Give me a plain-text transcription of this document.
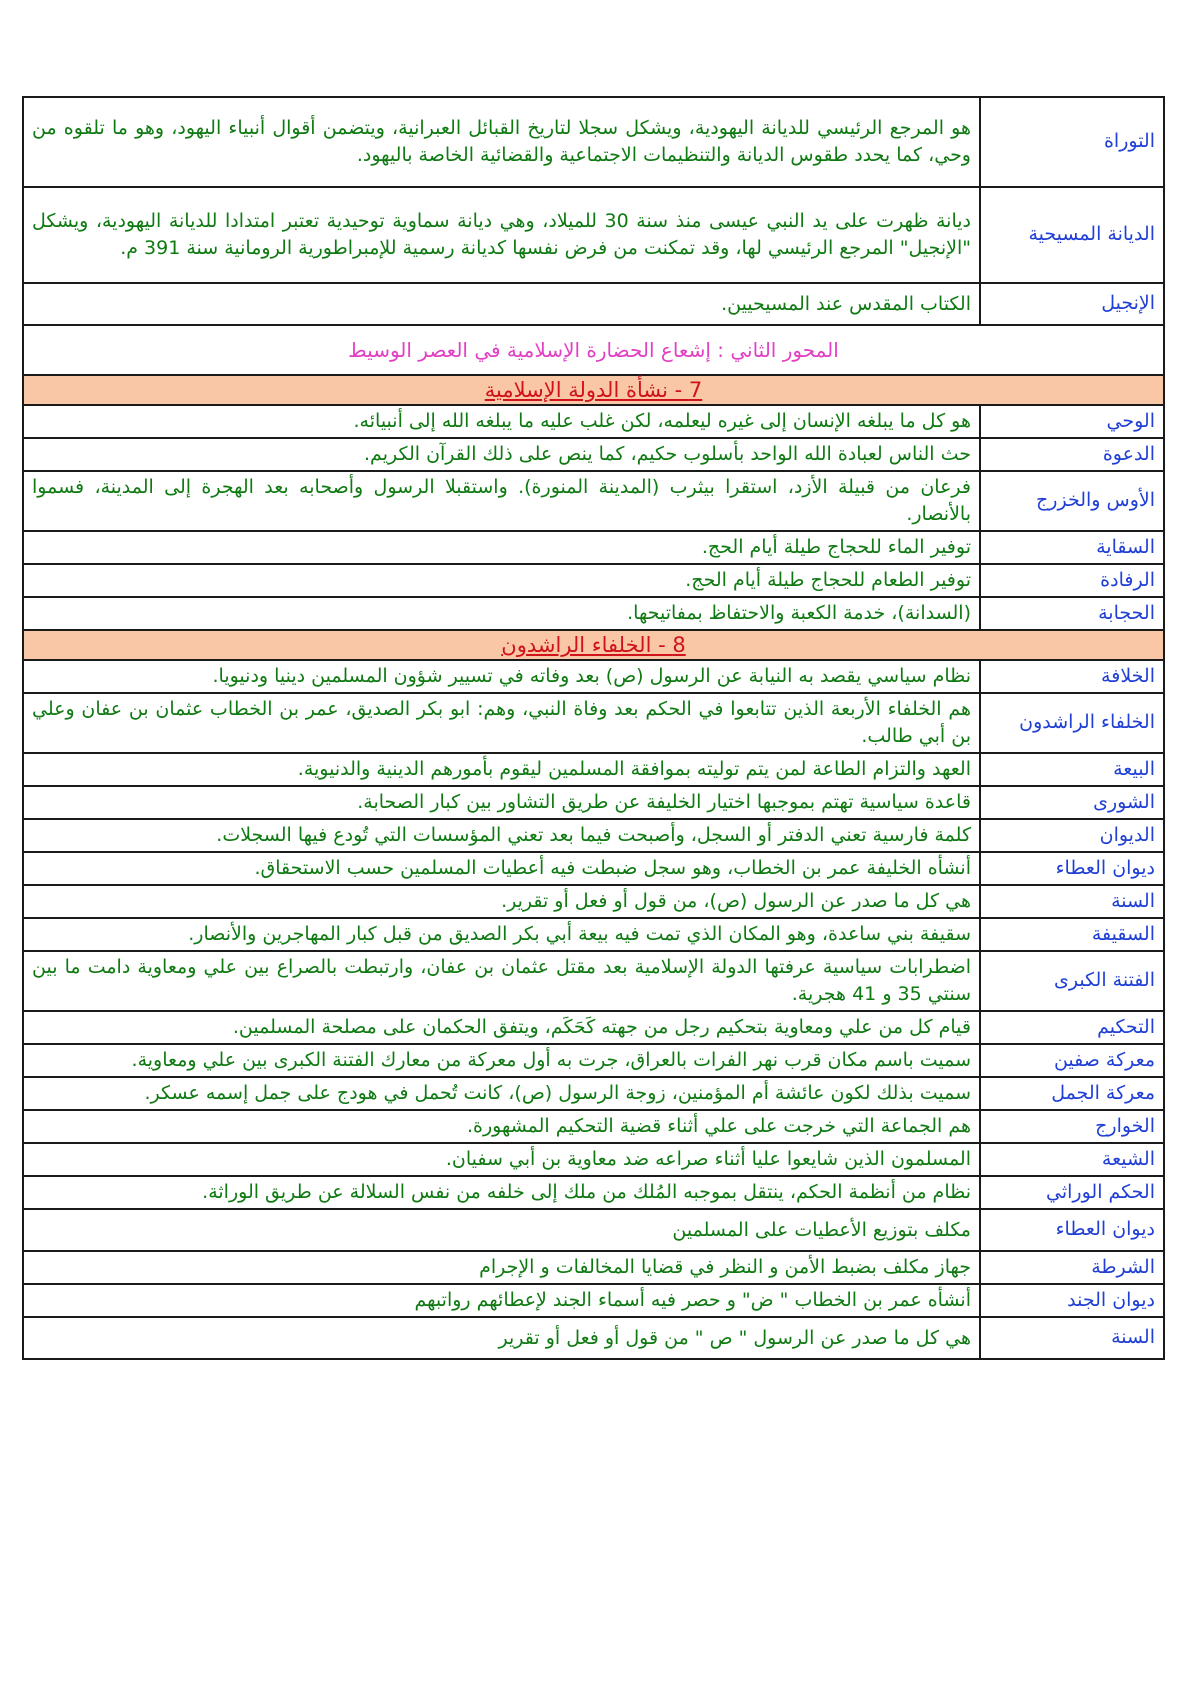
التوراة	هو المرجع الرئيسي للديانة اليهودية، ويشكل سجلا لتاريخ القبائل العبرانية، ويتضمن أقوال أنبياء اليهود، وهو ما تلقوه من وحي، كما يحدد طقوس الديانة والتنظيمات الاجتماعية والقضائية الخاصة باليهود.
الديانة المسيحية	ديانة ظهرت على يد النبي عيسى منذ سنة 30 للميلاد، وهي ديانة سماوية توحيدية تعتبر امتدادا للديانة اليهودية، ويشكل "الإنجيل" المرجع الرئيسي لها، وقد تمكنت من فرض نفسها كديانة رسمية للإمبراطورية الرومانية سنة 391 م.
الإنجيل	الكتاب المقدس عند المسيحيين.
المحور الثاني : إشعاع الحضارة الإسلامية في العصر الوسيط	
7 - نشأة الدولة الإسلامية	
الوحي	هو كل ما يبلغه الإنسان إلى غيره ليعلمه، لكن غلب عليه ما يبلغه الله إلى أنبيائه.
الدعوة	حث الناس لعبادة الله الواحد بأسلوب حكيم، كما ينص على ذلك القرآن الكريم.
الأوس والخزرج	فرعان من قبيلة الأزد، استقرا بيثرب (المدينة المنورة). واستقبلا الرسول وأصحابه بعد الهجرة إلى المدينة، فسموا بالأنصار.
السقاية	توفير الماء للحجاج طيلة أيام الحج.
الرفادة	توفير الطعام للحجاج طيلة أيام الحج.
الحجابة	(السدانة)، خدمة الكعبة والاحتفاظ بمفاتيحها.
8 - الخلفاء الراشدون	
الخلافة	نظام سياسي يقصد به النيابة عن الرسول (ص) بعد وفاته في تسيير شؤون المسلمين دينيا ودنيويا.
الخلفاء الراشدون	هم الخلفاء الأربعة الذين تتابعوا في الحكم بعد وفاة النبي، وهم: ابو بكر الصديق، عمر بن الخطاب عثمان بن عفان وعلي بن أبي طالب.
البيعة	العهد والتزام الطاعة لمن يتم توليته بموافقة المسلمين ليقوم بأمورهم الدينية والدنيوية.
الشورى	قاعدة سياسية تهتم بموجبها اختيار الخليفة عن طريق التشاور بين كبار الصحابة.
الديوان	كلمة فارسية تعني الدفتر أو السجل، وأصبحت فيما بعد تعني المؤسسات التي تُودع فيها السجلات.
ديوان العطاء	أنشأه الخليفة عمر بن الخطاب، وهو سجل ضبطت فيه أعطيات المسلمين حسب الاستحقاق.
السنة	هي كل ما صدر عن الرسول (ص)، من قول أو فعل أو تقرير.
السقيفة	سقيفة بني ساعدة، وهو المكان الذي تمت فيه بيعة أبي بكر الصديق من قبل كبار المهاجرين والأنصار.
الفتنة الكبرى	اضطرابات سياسية عرفتها الدولة الإسلامية بعد مقتل عثمان بن عفان، وارتبطت بالصراع بين علي ومعاوية دامت ما بين سنتي 35 و 41 هجرية.
التحكيم	قيام كل من علي ومعاوية بتحكيم رجل من جهته كَحَكَم، ويتفق الحكمان على مصلحة المسلمين.
معركة صفين	سميت باسم مكان قرب نهر الفرات بالعراق، جرت به أول معركة من معارك الفتنة الكبرى بين علي ومعاوية.
معركة الجمل	سميت بذلك لكون عائشة أم المؤمنين، زوجة الرسول (ص)، كانت تُحمل في هودج على جمل إسمه عسكر.
الخوارج	هم الجماعة التي خرجت على علي أثناء قضية التحكيم المشهورة.
الشيعة	المسلمون الذين شايعوا عليا أثناء صراعه ضد معاوية بن أبي سفيان.
الحكم الوراثي	نظام من أنظمة الحكم، ينتقل بموجبه المُلك من ملك إلى خلفه من نفس السلالة عن طريق الوراثة.
ديوان العطاء	مكلف بتوزيع الأعطيات على المسلمين
الشرطة	جهاز مكلف بضبط الأمن و النظر في قضايا المخالفات و الإجرام
ديوان الجند	أنشأه عمر بن الخطاب " ض" و حصر فيه أسماء الجند لإعطائهم رواتبهم
السنة	هي كل ما صدر عن الرسول " ص " من قول أو فعل أو تقرير
